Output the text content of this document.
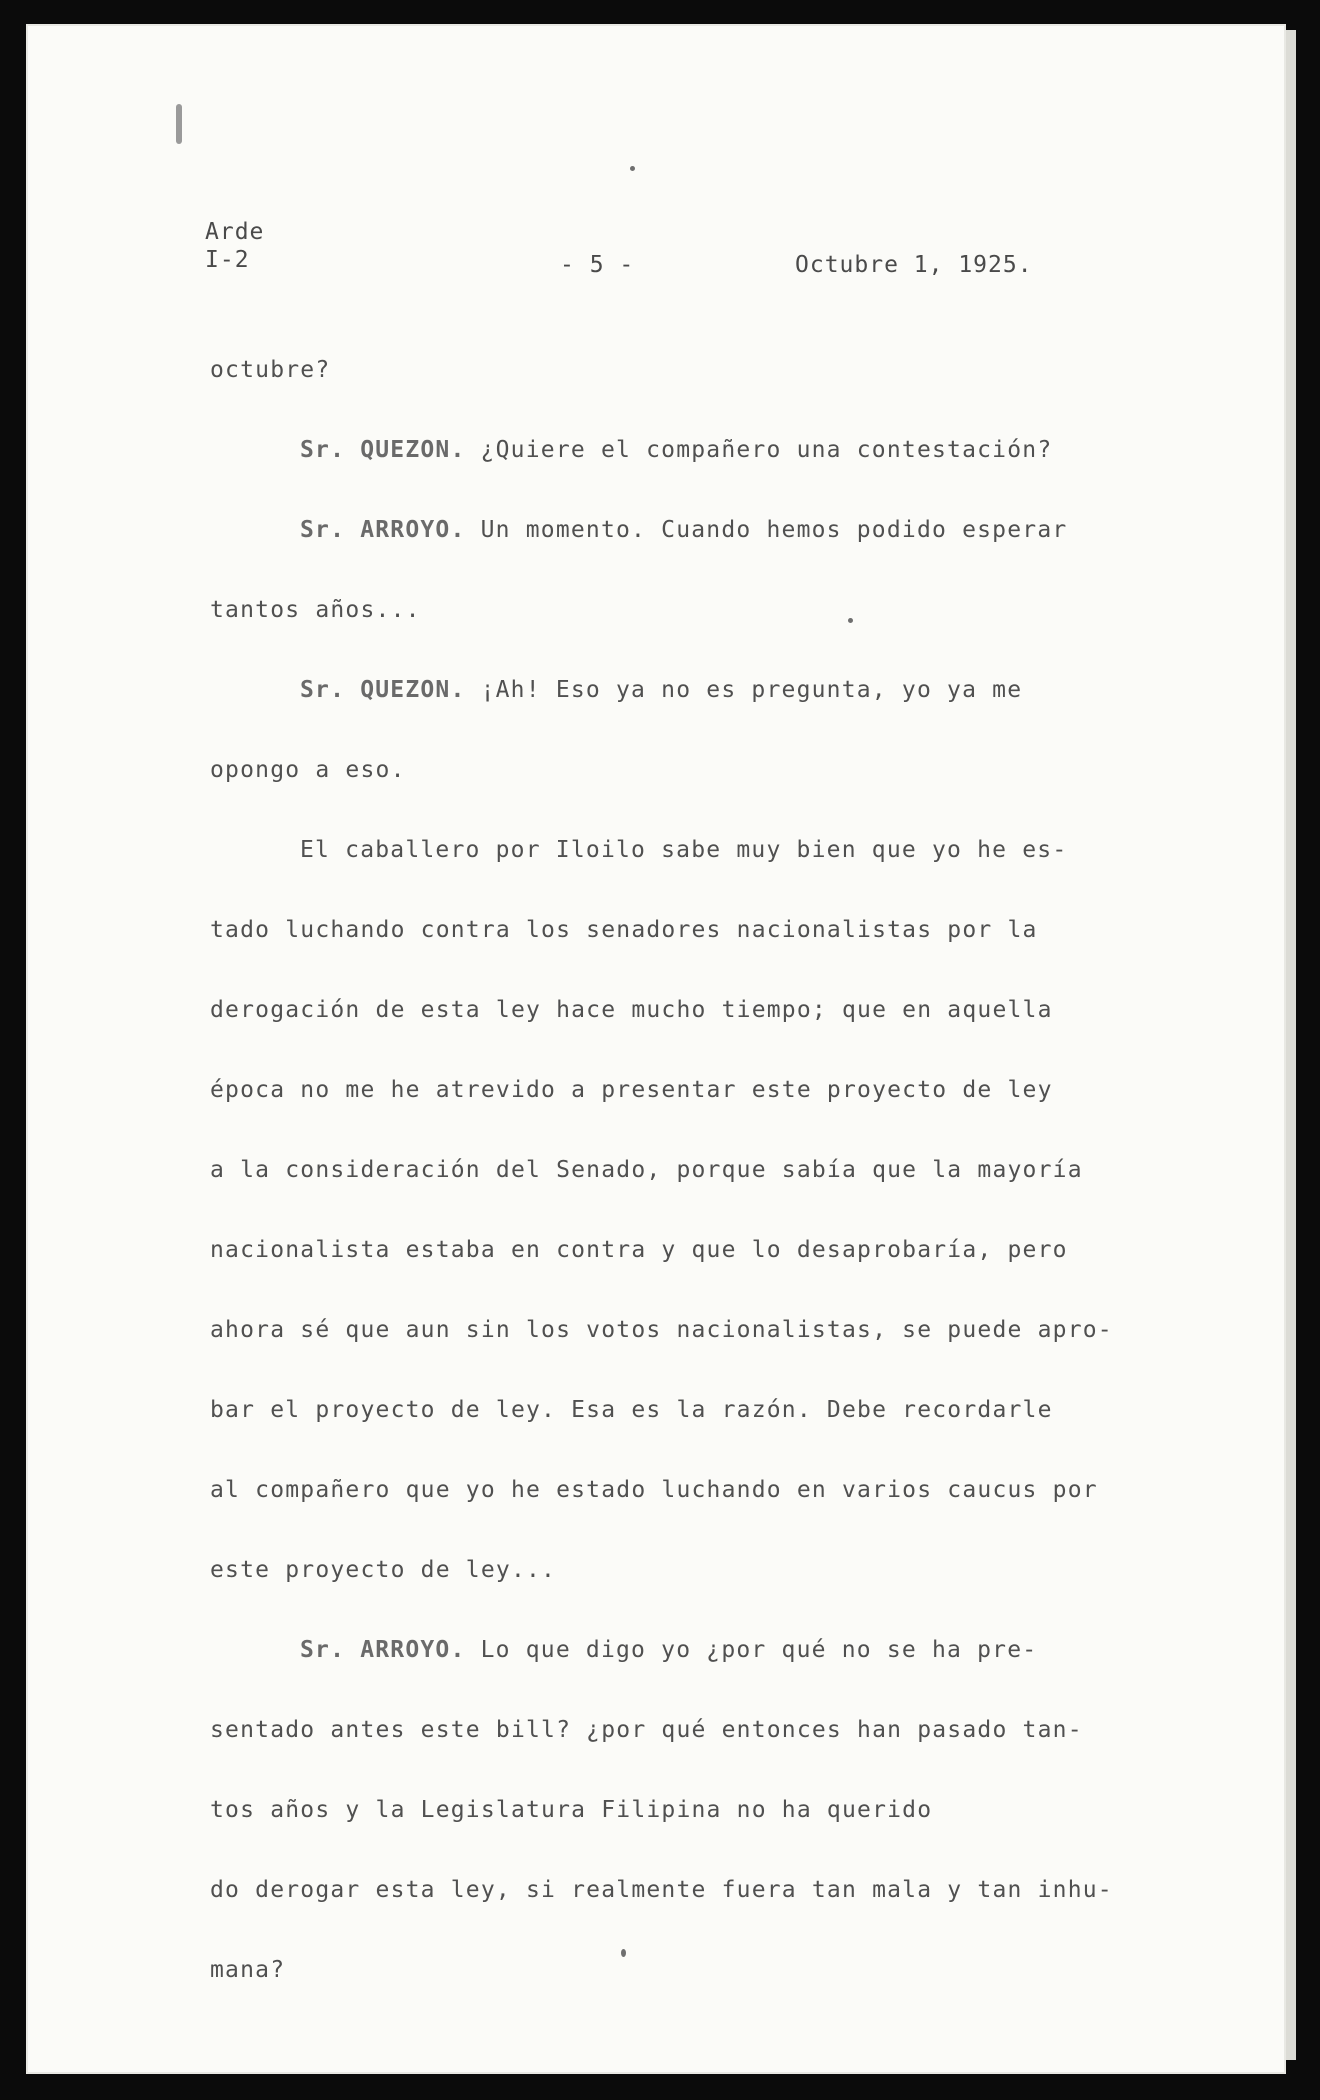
Arde
I-2	- 5 -	Octubre 1, 1925.

octubre?

Sr. QUEZON. ¿Quiere el compañero una contestación?

Sr. ARROYO. Un momento. Cuando hemos podido esperar

tantos años...

Sr. QUEZON. ¡Ah! Eso ya no es pregunta, yo ya me

opongo a eso.

El caballero por Iloilo sabe muy bien que yo he es-

tado luchando contra los senadores nacionalistas por la

derogación de esta ley hace mucho tiempo; que en aquella

época no me he atrevido a presentar este proyecto de ley

a la consideración del Senado, porque sabía que la mayoría

nacionalista estaba en contra y que lo desaprobaría, pero

ahora sé que aun sin los votos nacionalistas, se puede apro-

bar el proyecto de ley. Esa es la razón. Debe recordarle

al compañero que yo he estado luchando en varios caucus por

este proyecto de ley...

Sr. ARROYO. Lo que digo yo ¿por qué no se ha pre-

sentado antes este bill? ¿por qué entonces han pasado tan-

tos años y la Legislatura Filipina no ha querido

do derogar esta ley, si realmente fuera tan mala y tan inhu-

mana?
